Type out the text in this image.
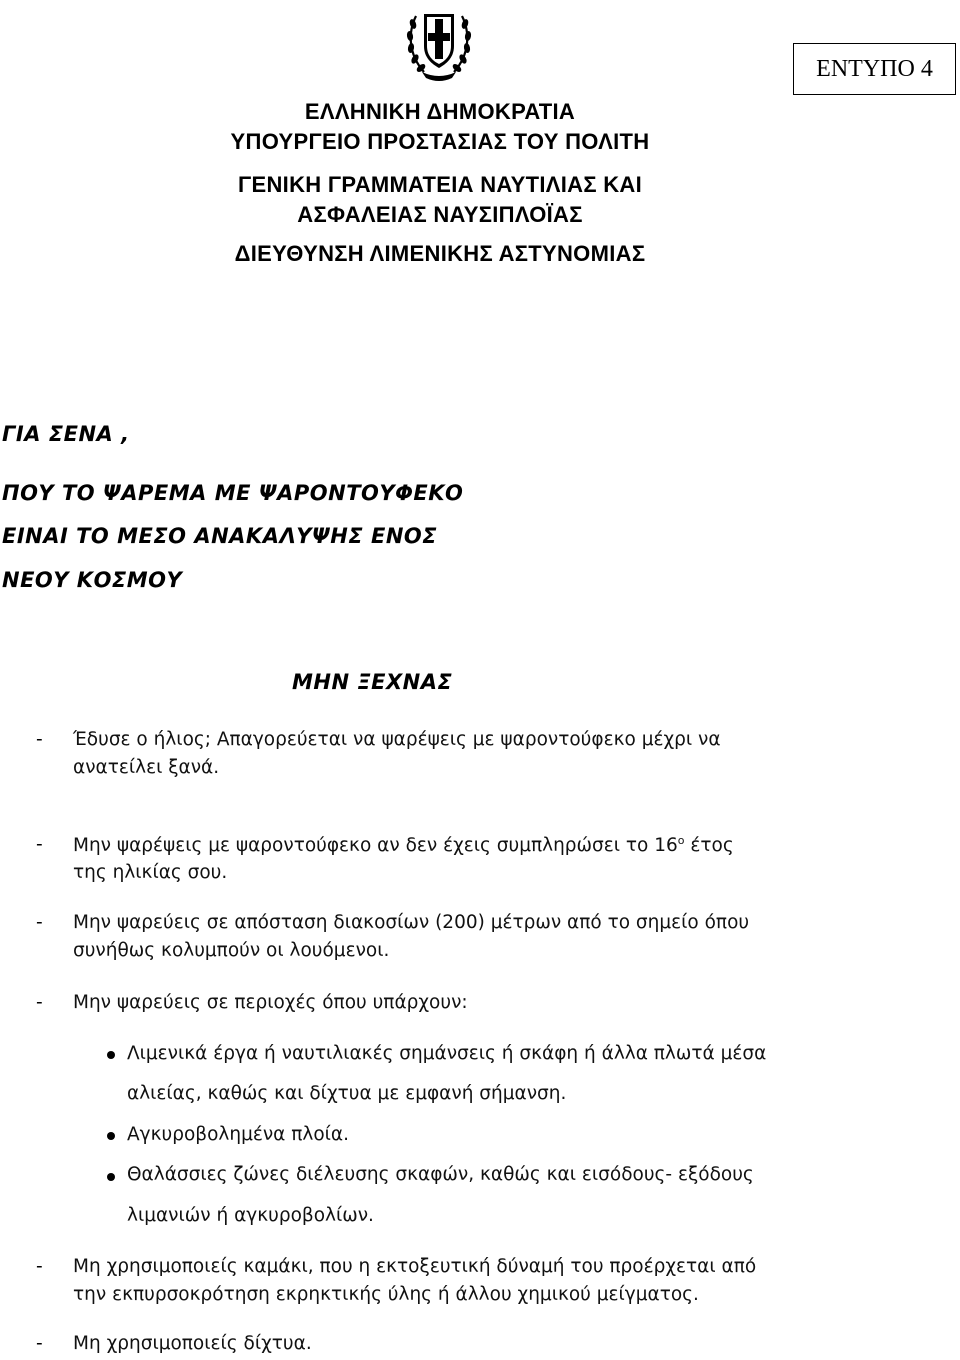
ΕΝΤΥΠΟ 4
ΕΛΛΗΝΙΚΗ ΔΗΜΟΚΡΑΤΙΑ
ΥΠΟΥΡΓΕΙΟ ΠΡΟΣΤΑΣΙΑΣ ΤΟΥ ΠΟΛΙΤΗ
ΓΕΝΙΚΗ ΓΡΑΜΜΑΤΕΙΑ ΝΑΥΤΙΛΙΑΣ ΚΑΙ
ΑΣΦΑΛΕΙΑΣ ΝΑΥΣΙΠΛΟΪΑΣ
ΔΙΕΥΘΥΝΣΗ ΛΙΜΕΝΙΚΗΣ ΑΣΤΥΝΟΜΙΑΣ
ΓΙΑ ΣΕΝΑ ,
ΠΟΥ ΤΟ ΨΑΡΕΜΑ ΜΕ ΨΑΡΟΝΤΟΥΦΕΚΟ
ΕΙΝΑΙ ΤΟ ΜΕΣΟ ΑΝΑΚΑΛΥΨΗΣ ΕΝΟΣ
ΝΕΟΥ ΚΟΣΜΟΥ
ΜΗΝ ΞΕΧΝΑΣ
- Έδυσε ο ήλιος; Απαγορεύεται να ψαρέψεις με ψαροντούφεκο μέχρι να
ανατείλει ξανά.
- Μην ψαρέψεις με ψαροντούφεκο αν δεν έχεις συμπληρώσει το $16^o$ έτος
της ηλικίας σου.
- Μην ψαρεύεις σε απόσταση διακοσίων (200) μέτρων από το σημείο όπου
συνήθως κολυμπούν οι λουόμενοι.
- Μην ψαρεύεις σε περιοχές όπου υπάρχουν:
Λιμενικά έργα ή ναυτιλιακές σημάνσεις ή σκάφη ή άλλα πλωτά μέσα
αλιείας, καθώς και δίχτυα με εμφανή σήμανση.
Αγκυροβολημένα πλοία.
Θαλάσσιες ζώνες διέλευσης σκαφών, καθώς και εισόδους- εξόδους
λιμανιών ή αγκυροβολίων.
- Μη χρησιμοποιείς καμάκι, που η εκτοξευτική δύναμή του προέρχεται από
την εκπυρσοκρότηση εκρηκτικής ύλης ή άλλου χημικού μείγματος.
- Μη χρησιμοποιείς δίχτυα.
